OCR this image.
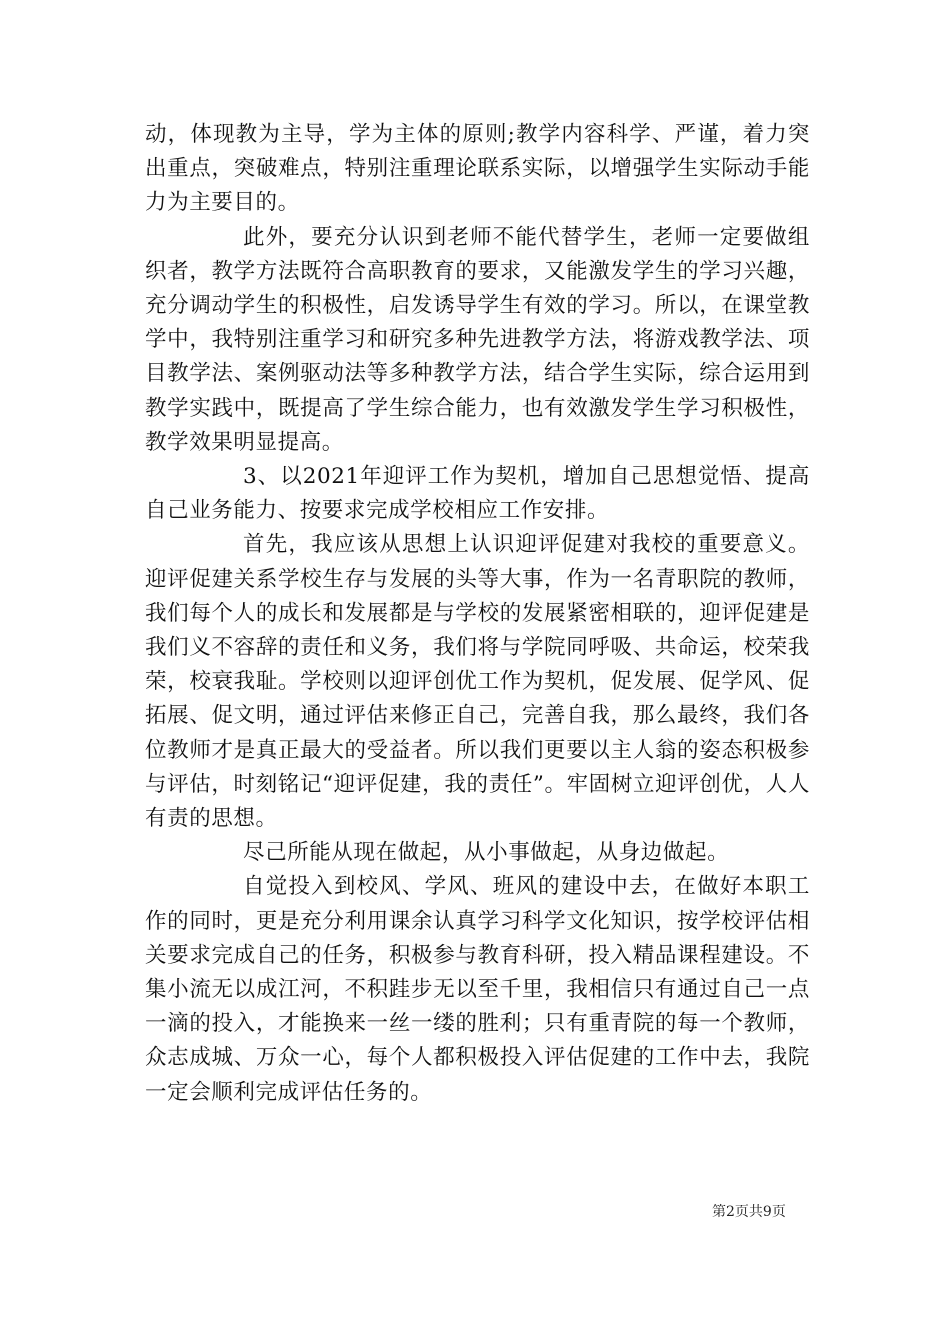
动，体现教为主导，学为主体的原则;教学内容科学、严谨，着力突出重点，突破难点，特别注重理论联系实际，以增强学生实际动手能力为主要目的。

此外，要充分认识到老师不能代替学生，老师一定要做组织者，教学方法既符合高职教育的要求，又能激发学生的学习兴趣，充分调动学生的积极性，启发诱导学生有效的学习。所以，在课堂教学中，我特别注重学习和研究多种先进教学方法，将游戏教学法、项目教学法、案例驱动法等多种教学方法，结合学生实际，综合运用到教学实践中，既提高了学生综合能力，也有效激发学生学习积极性，教学效果明显提高。

3、以2021年迎评工作为契机，增加自己思想觉悟、提高自己业务能力、按要求完成学校相应工作安排。

首先，我应该从思想上认识迎评促建对我校的重要意义。迎评促建关系学校生存与发展的头等大事，作为一名青职院的教师，我们每个人的成长和发展都是与学校的发展紧密相联的，迎评促建是我们义不容辞的责任和义务，我们将与学院同呼吸、共命运，校荣我荣，校衰我耻。学校则以迎评创优工作为契机，促发展、促学风、促拓展、促文明，通过评估来修正自己，完善自我，那么最终，我们各位教师才是真正最大的受益者。所以我们更要以主人翁的姿态积极参与评估，时刻铭记“迎评促建，我的责任”。牢固树立迎评创优，人人有责的思想。

尽己所能从现在做起，从小事做起，从身边做起。

自觉投入到校风、学风、班风的建设中去，在做好本职工作的同时，更是充分利用课余认真学习科学文化知识，按学校评估相关要求完成自己的任务，积极参与教育科研，投入精品课程建设。不集小流无以成江河，不积跬步无以至千里，我相信只有通过自己一点一滴的投入，才能换来一丝一缕的胜利；只有重青院的每一个教师，众志成城、万众一心，每个人都积极投入评估促建的工作中去，我院一定会顺利完成评估任务的。

第2页共9页
